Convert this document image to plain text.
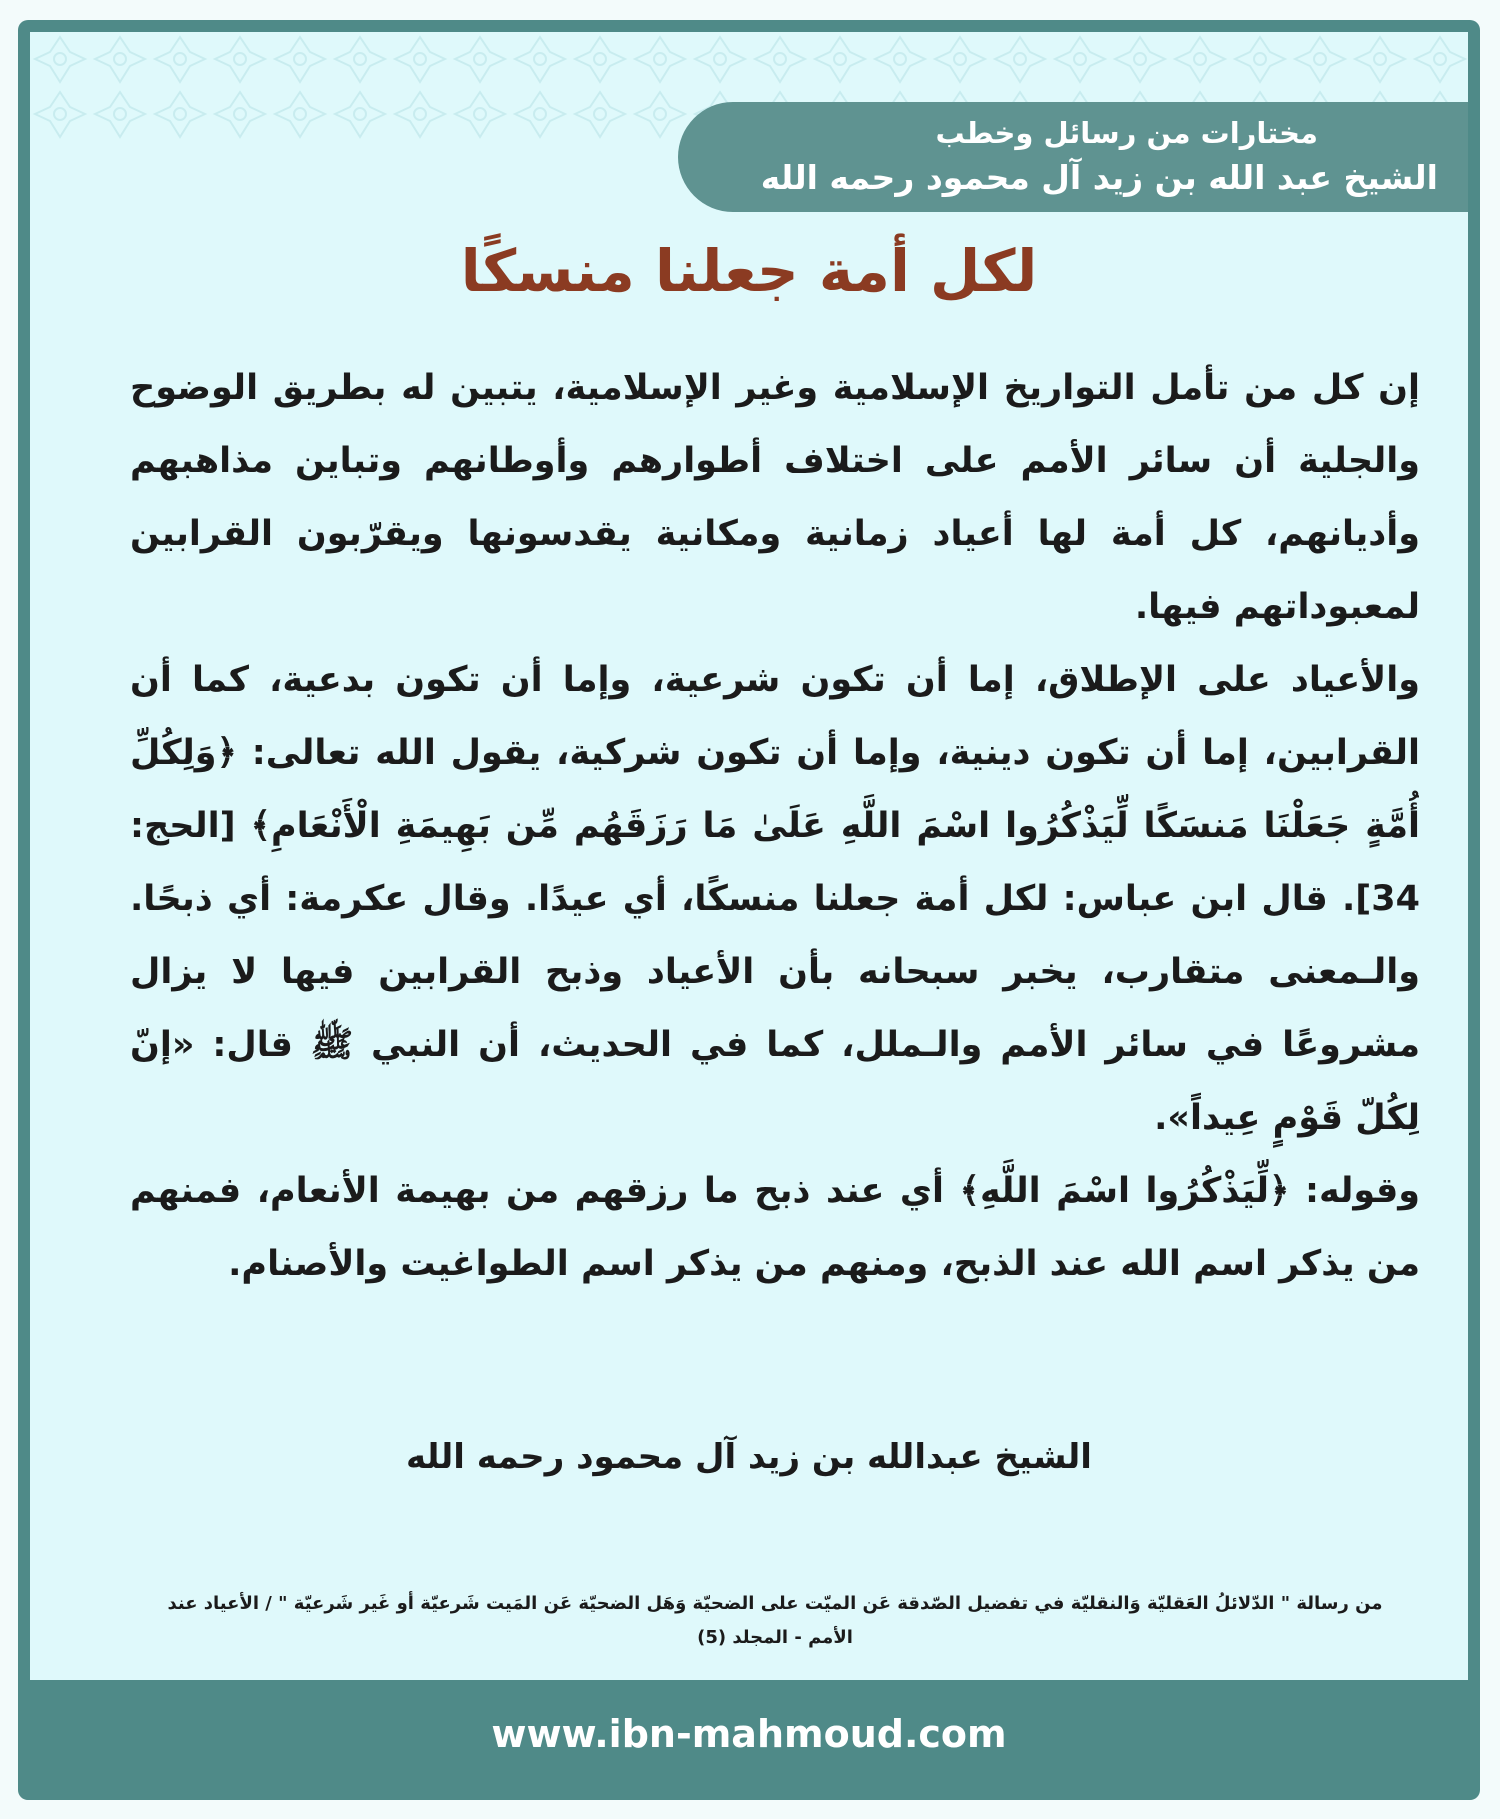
مختارات من رسائل وخطب
الشيخ عبد الله بن زيد آل محمود رحمه الله
لكل أمة جعلنا منسكًا

إن كل من تأمل التواريخ الإسلامية وغير الإسلامية، يتبين له بطريق الوضوح والجلية أن سائر الأمم على اختلاف أطوارهم وأوطانهم وتباين مذاهبهم وأديانهم، كل أمة لها أعياد زمانية ومكانية يقدسونها ويقرّبون القرابين لمعبوداتهم فيها.

والأعياد على الإطلاق، إما أن تكون شرعية، وإما أن تكون بدعية، كما أن القرابين، إما أن تكون دينية، وإما أن تكون شركية، يقول الله تعالى: ﴿وَلِكُلِّ أُمَّةٍ جَعَلْنَا مَنسَكًا لِّيَذْكُرُوا اسْمَ اللَّهِ عَلَىٰ مَا رَزَقَهُم مِّن بَهِيمَةِ الْأَنْعَامِ﴾ [الحج: 34]. قال ابن عباس: لكل أمة جعلنا منسكًا، أي عيدًا. وقال عكرمة: أي ذبحًا. والـمعنى متقارب، يخبر سبحانه بأن الأعياد وذبح القرابين فيها لا يزال مشروعًا في سائر الأمم والـملل، كما في الحديث، أن النبي ﷺ قال: «إنّ لِكُلّ قَوْمٍ عِيداً».

وقوله: ﴿لِّيَذْكُرُوا اسْمَ اللَّهِ﴾ أي عند ذبح ما رزقهم من بهيمة الأنعام، فمنهم من يذكر اسم الله عند الذبح، ومنهم من يذكر اسم الطواغيت والأصنام.

الشيخ عبدالله بن زيد آل محمود رحمه الله
من رسالة " الدّلائلُ العَقليّة وَالنقليّة في تفضيل الصّدقة عَن الميّت على الضحيّة وَهَل الضحيّة عَن المَيت شَرعيّة أو غَير شَرعيّة " / الأعياد عند الأمم - المجلد (5)
www.ibn-mahmoud.com
